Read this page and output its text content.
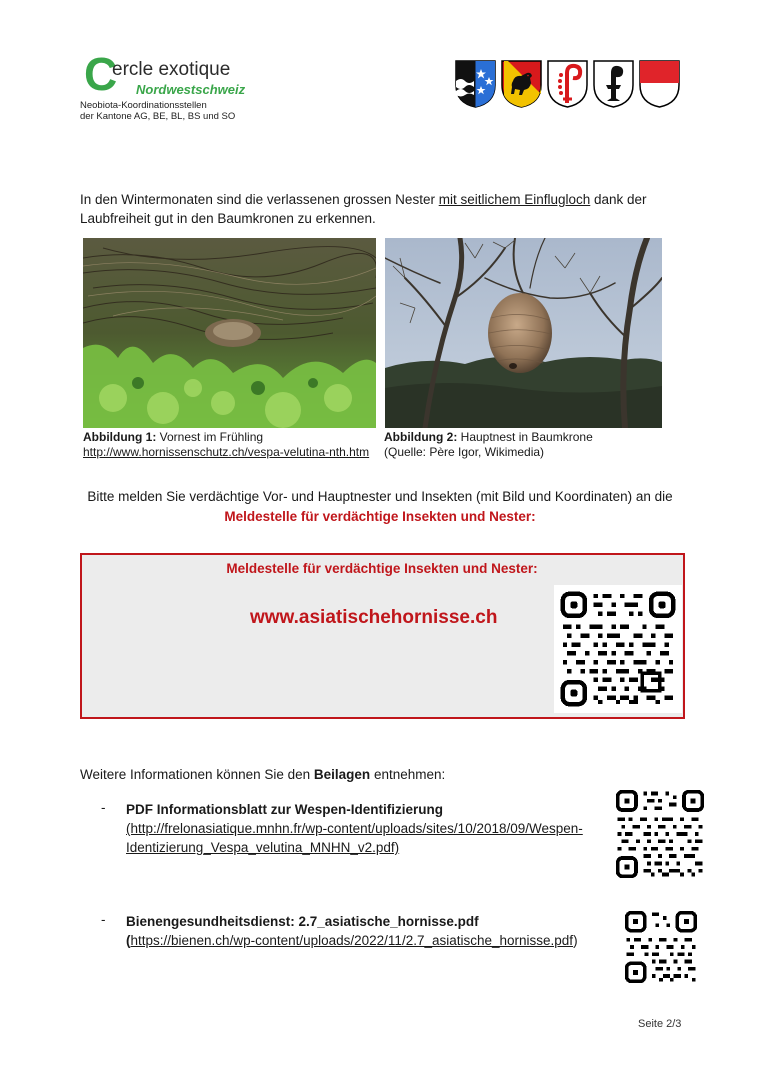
C
ercle exotique
Nordwestschweiz
Neobiota-Koordinationsstellen
der Kantone AG, BE, BL, BS und SO
In den Wintermonaten sind die verlassenen grossen Nester mit seitlichem Einflugloch dank der Laubfreiheit gut in den Baumkronen zu erkennen.
Abbildung 1: Vornest im Frühling
http://www.hornissenschutz.ch/vespa-velutina-nth.htm
Abbildung 2: Hauptnest in Baumkrone
(Quelle: Père Igor, Wikimedia)
Bitte melden Sie verdächtige Vor- und Hauptnester und Insekten (mit Bild und Koordinaten) an die Meldestelle für verdächtige Insekten und Nester:
Meldestelle für verdächtige Insekten und Nester:
www.asiatischehornisse.ch
Weitere Informationen können Sie den Beilagen entnehmen:
- PDF Informationsblatt zur Wespen-Identifizierung
(http://frelonasiatique.mnhn.fr/wp-content/uploads/sites/10/2018/09/Wespen-Identizierung_Vespa_velutina_MNHN_v2.pdf)
- Bienengesundheitsdienst: 2.7_asiatische_hornisse.pdf
(https://bienen.ch/wp-content/uploads/2022/11/2.7_asiatische_hornisse.pdf)
Seite 2/3
